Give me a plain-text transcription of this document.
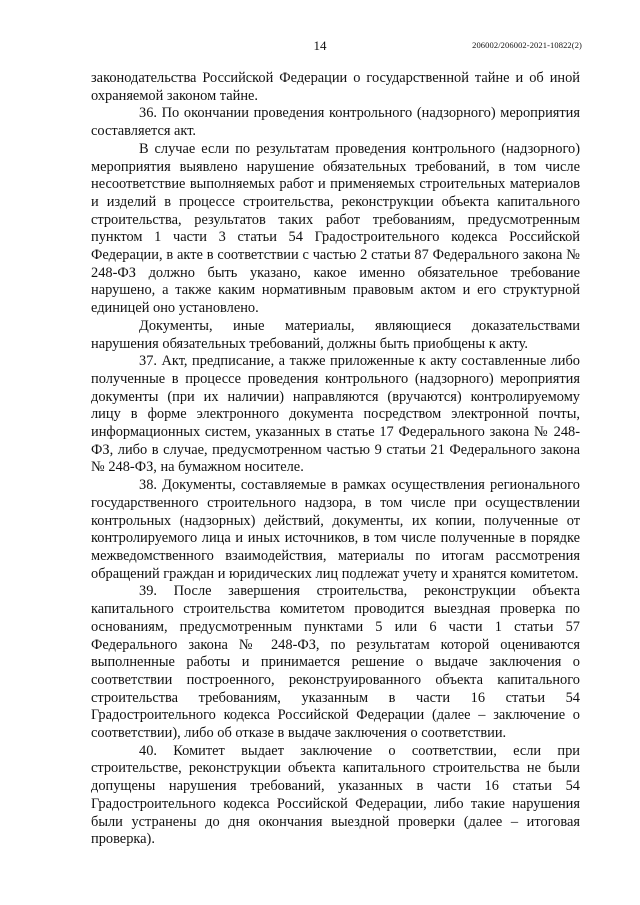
14	206002/206002-2021-10822(2)

законодательства Российской Федерации о государственной тайне и об иной охраняемой законом тайне.

36. По окончании проведения контрольного (надзорного) мероприятия составляется акт.

В случае если по результатам проведения контрольного (надзорного) мероприятия выявлено нарушение обязательных требований, в том числе несоответствие выполняемых работ и применяемых строительных материалов и изделий в процессе строительства, реконструкции объекта капитального строительства, результатов таких работ требованиям, предусмотренным пунктом 1 части 3 статьи 54 Градостроительного кодекса Российской Федерации, в акте в соответствии с частью 2 статьи 87 Федерального закона № 248-ФЗ должно быть указано, какое именно обязательное требование нарушено, а также каким нормативным правовым актом и его структурной единицей оно установлено.

Документы, иные материалы, являющиеся доказательствами нарушения обязательных требований, должны быть приобщены к акту.

37. Акт, предписание, а также приложенные к акту составленные либо полученные в процессе проведения контрольного (надзорного) мероприятия документы (при их наличии) направляются (вручаются) контролируемому лицу в форме электронного документа посредством электронной почты, информационных систем, указанных в статье 17 Федерального закона № 248-ФЗ, либо в случае, предусмотренном частью 9 статьи 21 Федерального закона № 248-ФЗ, на бумажном носителе.

38. Документы, составляемые в рамках осуществления регионального государственного строительного надзора, в том числе при осуществлении контрольных (надзорных) действий, документы, их копии, полученные от контролируемого лица и иных источников, в том числе полученные в порядке межведомственного взаимодействия, материалы по итогам рассмотрения обращений граждан и юридических лиц подлежат учету и хранятся комитетом.

39. После завершения строительства, реконструкции объекта капитального строительства комитетом проводится выездная проверка по основаниям, предусмотренным пунктами 5 или 6 части 1 статьи 57 Федерального закона № 248-ФЗ, по результатам которой оцениваются выполненные работы и принимается решение о выдаче заключения о соответствии построенного, реконструированного объекта капитального строительства требованиям, указанным в части 16 статьи 54 Градостроительного кодекса Российской Федерации (далее – заключение о соответствии), либо об отказе в выдаче заключения о соответствии.

40. Комитет выдает заключение о соответствии, если при строительстве, реконструкции объекта капитального строительства не были допущены нарушения требований, указанных в части 16 статьи 54 Градостроительного кодекса Российской Федерации, либо такие нарушения были устранены до дня окончания выездной проверки (далее – итоговая проверка).
